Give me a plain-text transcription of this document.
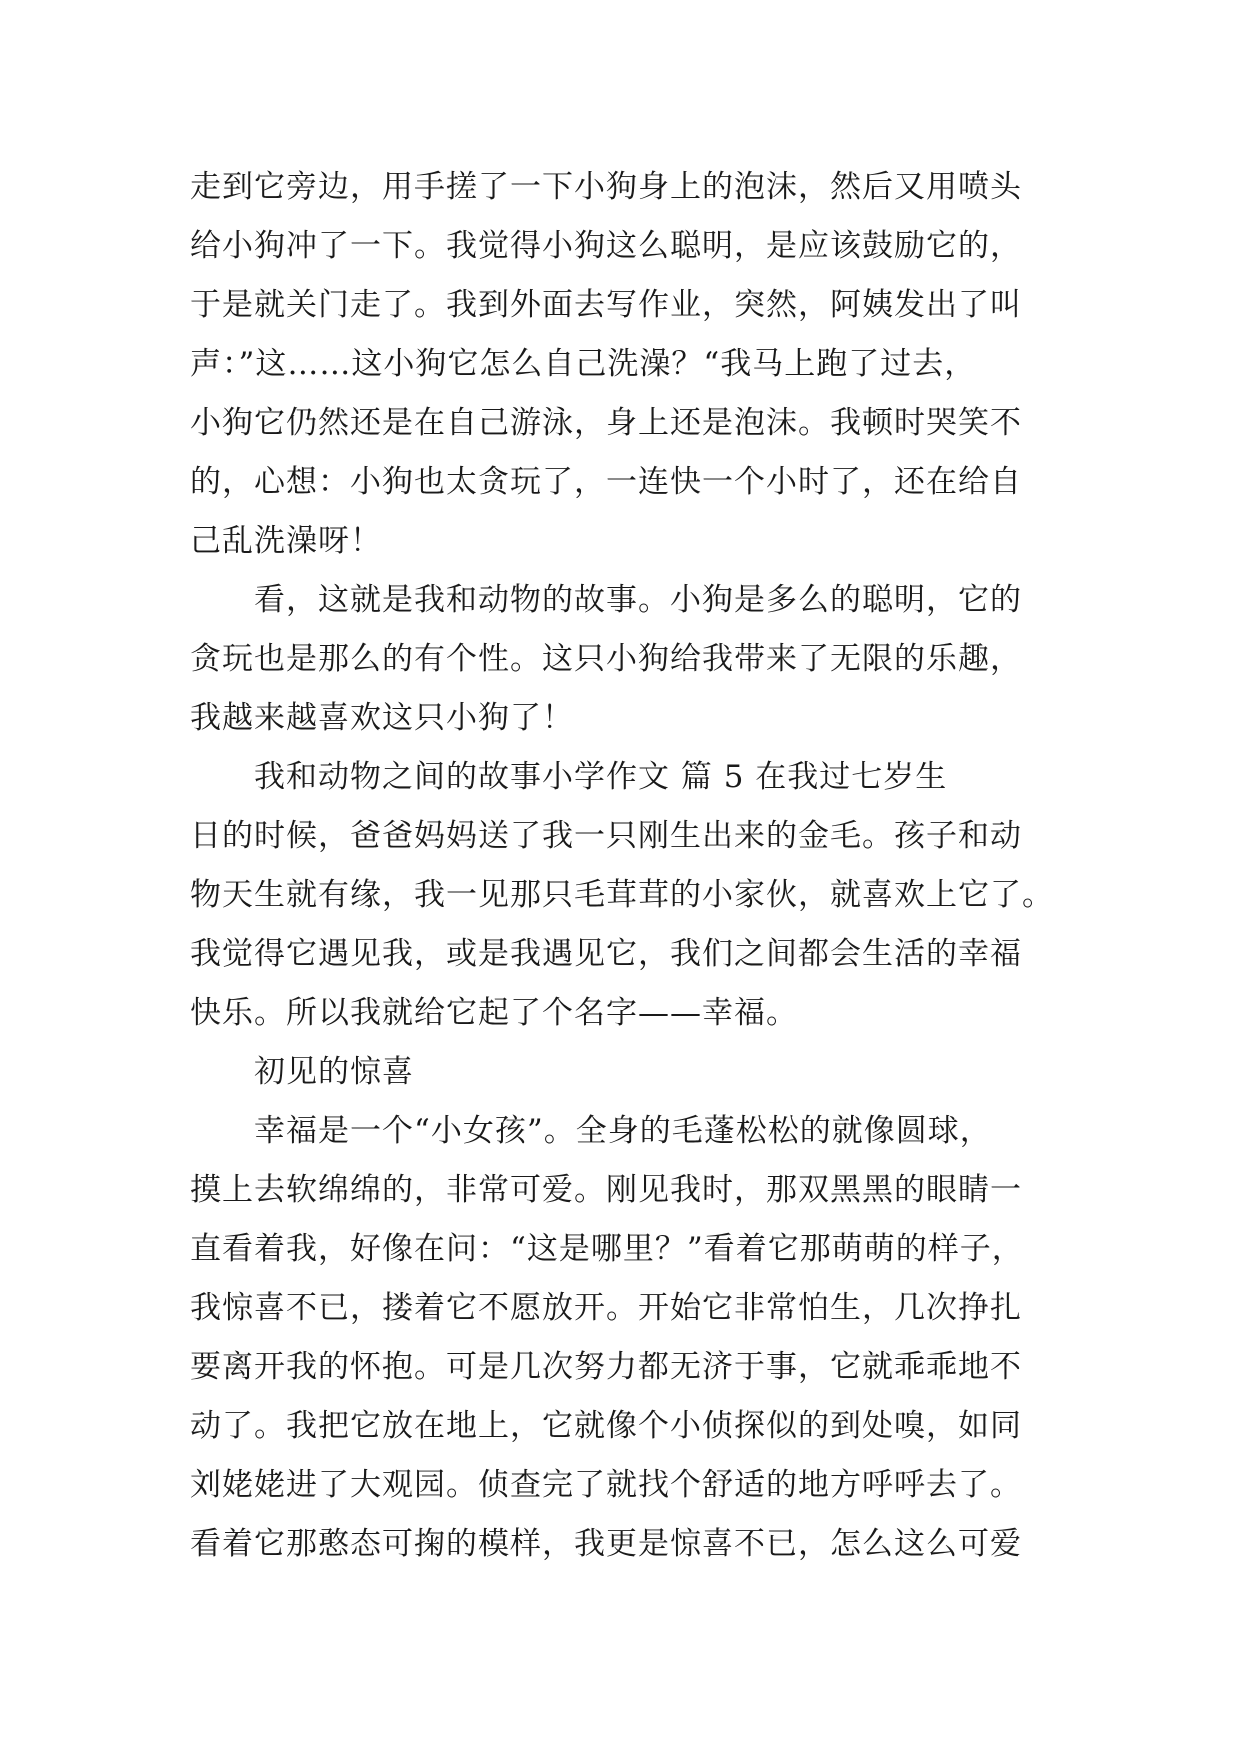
走到它旁边，用手搓了一下小狗身上的泡沫，然后又用喷头
给小狗冲了一下。我觉得小狗这么聪明，是应该鼓励它的，
于是就关门走了。我到外面去写作业，突然，阿姨发出了叫
声：”这……这小狗它怎么自己洗澡？“我马上跑了过去，
小狗它仍然还是在自己游泳，身上还是泡沫。我顿时哭笑不
的，心想：小狗也太贪玩了，一连快一个小时了，还在给自
己乱洗澡呀！
看，这就是我和动物的故事。小狗是多么的聪明，它的
贪玩也是那么的有个性。这只小狗给我带来了无限的乐趣，
我越来越喜欢这只小狗了！
我和动物之间的故事小学作文 篇 5 在我过七岁生
日的时候，爸爸妈妈送了我一只刚生出来的金毛。孩子和动
物天生就有缘，我一见那只毛茸茸的小家伙，就喜欢上它了。
我觉得它遇见我，或是我遇见它，我们之间都会生活的幸福
快乐。所以我就给它起了个名字——幸福。
初见的惊喜
幸福是一个“小女孩”。全身的毛蓬松松的就像圆球，
摸上去软绵绵的，非常可爱。刚见我时，那双黑黑的眼睛一
直看着我，好像在问：“这是哪里？”看着它那萌萌的样子，
我惊喜不已，搂着它不愿放开。开始它非常怕生，几次挣扎
要离开我的怀抱。可是几次努力都无济于事，它就乖乖地不
动了。我把它放在地上，它就像个小侦探似的到处嗅，如同
刘姥姥进了大观园。侦查完了就找个舒适的地方呼呼去了。
看着它那憨态可掬的模样，我更是惊喜不已，怎么这么可爱
